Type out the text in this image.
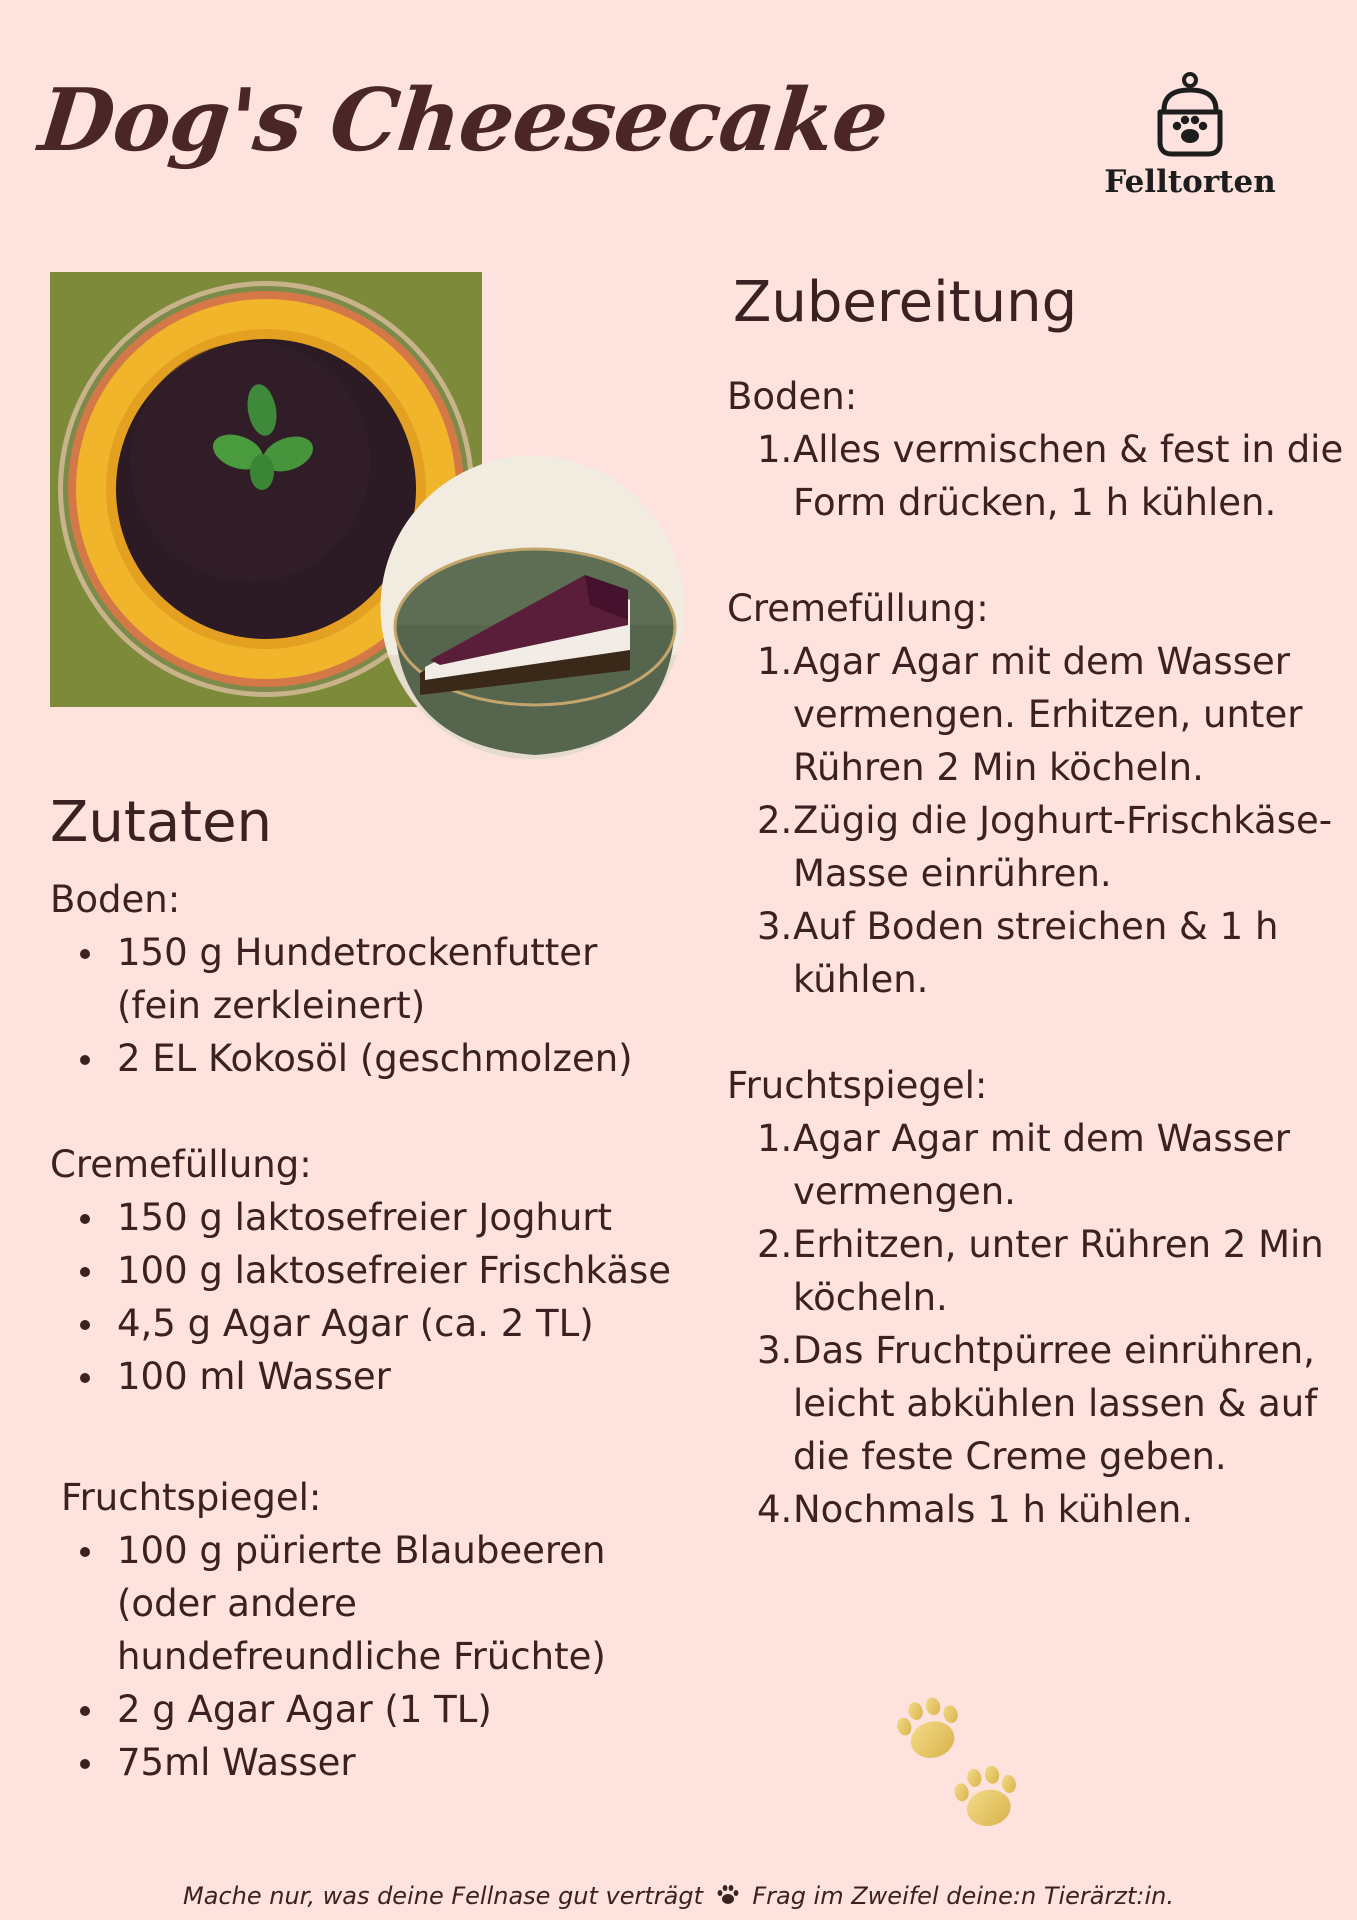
Dog's Cheesecake
Felltorten
Zutaten

Boden:

150 g Hundetrockenfutter (fein zerkleinert)
2 EL Kokosöl (geschmolzen)

Cremefüllung:

150 g laktosefreier Joghurt
100 g laktosefreier Frischkäse
4,5 g Agar Agar (ca. 2 TL)
100 ml Wasser

Fruchtspiegel:

100 g pürierte Blaubeeren (oder andere hundefreundliche Früchte)
2 g Agar Agar (1 TL)
75ml Wasser
Zubereitung

Boden:

1. Alles vermischen & fest in die Form drücken, 1 h kühlen.

Cremefüllung:

1. Agar Agar mit dem Wasser vermengen. Erhitzen, unter Rühren 2 Min köcheln.
2. Zügig die Joghurt-Frischkäse-Masse einrühren.
3. Auf Boden streichen & 1 h kühlen.

Fruchtspiegel:

1. Agar Agar mit dem Wasser vermengen.
2. Erhitzen, unter Rühren 2 Min köcheln.
3. Das Fruchtpürree einrühren, leicht abkühlen lassen & auf die feste Creme geben.
4. Nochmals 1 h kühlen.
Mache nur, was deine Fellnase gut verträgt Frag im Zweifel deine:n Tierärzt:in.
